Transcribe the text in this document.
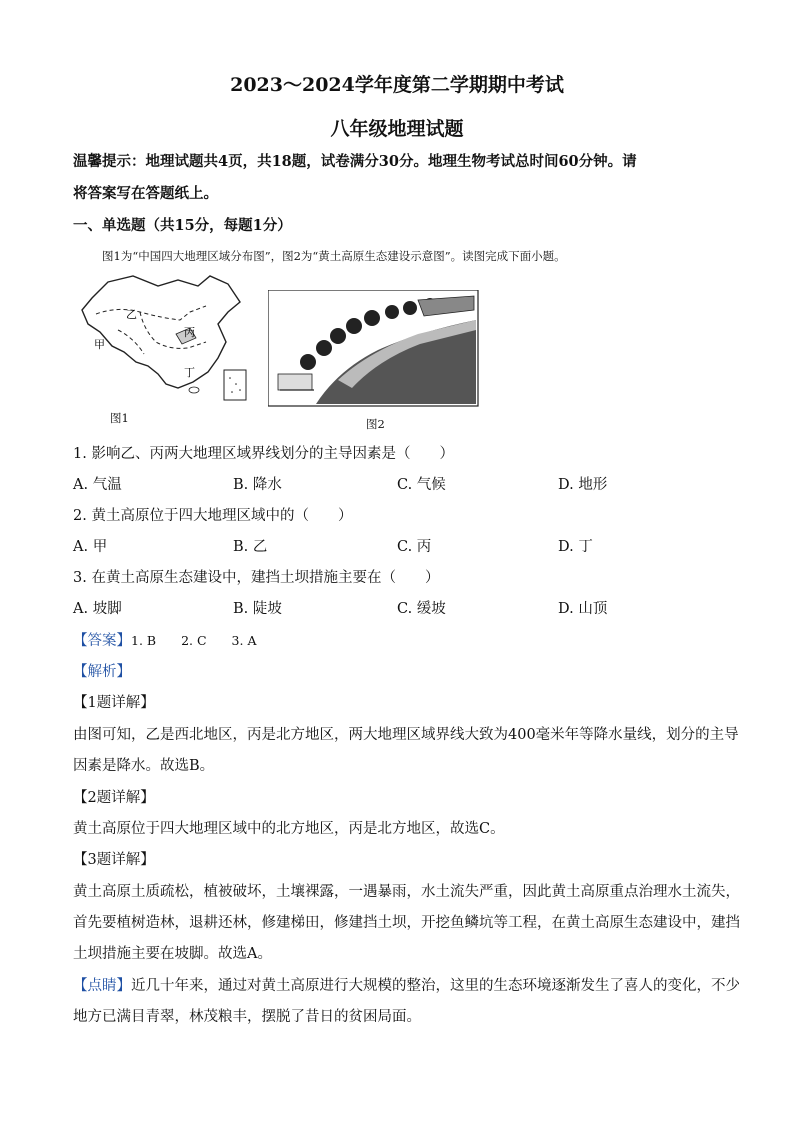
2023～2024学年度第二学期期中考试
八年级地理试题
温馨提示：地理试题共4页，共18题，试卷满分30分。地理生物考试总时间60分钟。请
将答案写在答题纸上。
一、单选题（共15分，每题1分）
图1为“中国四大地理区域分布图”，图2为“黄土高原生态建设示意图”。读图完成下面小题。
乙
甲
丙
丁
图1	图2
1. 影响乙、丙两大地理区域界线划分的主导因素是（　　）
A. 气温	B. 降水	C. 气候	D. 地形
2. 黄土高原位于四大地理区域中的（　　）
A. 甲	B. 乙	C. 丙	D. 丁
3. 在黄土高原生态建设中，建挡土坝措施主要在（　　）
A. 坡脚	B. 陡坡	C. 缓坡	D. 山顶
【答案】1. B　　2. C　　3. A
【解析】
【1题详解】
由图可知，乙是西北地区，丙是北方地区，两大地理区域界线大致为400毫米年等降水量线，划分的主导
因素是降水。故选B。
【2题详解】
黄土高原位于四大地理区域中的北方地区，丙是北方地区，故选C。
【3题详解】
黄土高原土质疏松，植被破坏，土壤裸露，一遇暴雨，水土流失严重，因此黄土高原重点治理水土流失，
首先要植树造林，退耕还林，修建梯田，修建挡土坝，开挖鱼鳞坑等工程，在黄土高原生态建设中，建挡
土坝措施主要在坡脚。故选A。
【点睛】近几十年来，通过对黄土高原进行大规模的整治，这里的生态环境逐渐发生了喜人的变化，不少
地方已满目青翠，林茂粮丰，摆脱了昔日的贫困局面。
